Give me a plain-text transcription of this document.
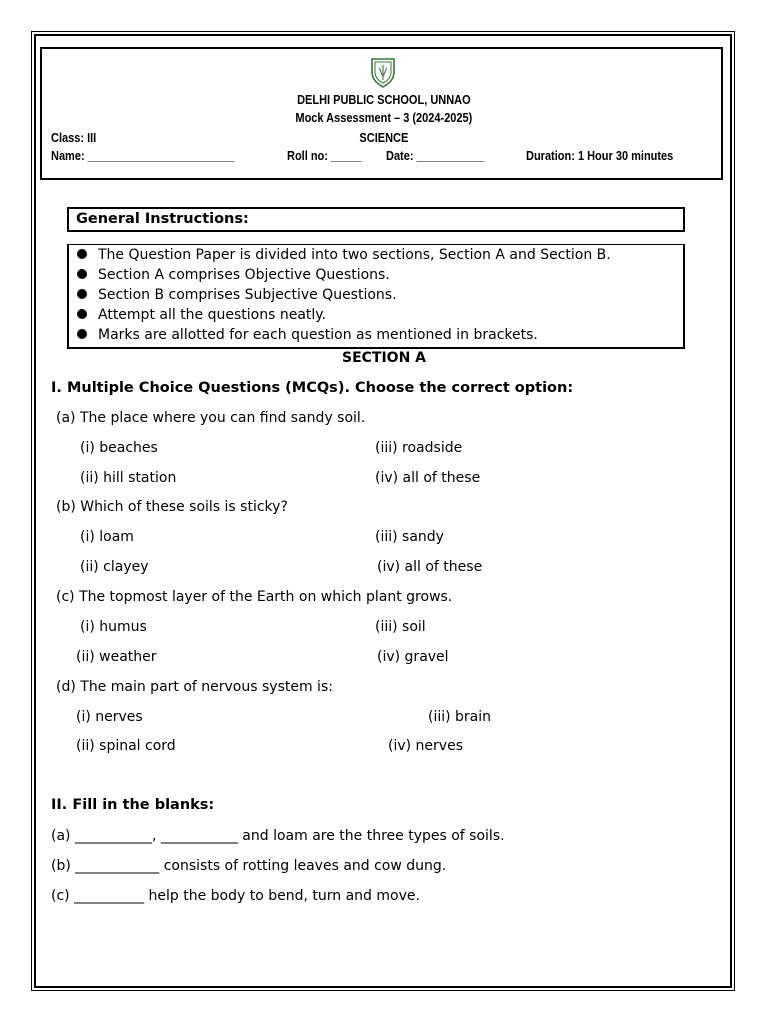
DELHI PUBLIC SCHOOL, UNNAO
Mock Assessment – 3 (2024-2025)
SCIENCE
Class: III
Name: ________________________	Roll no: _____ Date: ___________	Duration: 1 Hour 30 minutes
General Instructions:
The Question Paper is divided into two sections, Section A and Section B.
Section A comprises Objective Questions.
Section B comprises Subjective Questions.
Attempt all the questions neatly.
Marks are allotted for each question as mentioned in brackets.
SECTION A
I. Multiple Choice Questions (MCQs). Choose the correct option:
(a) The place where you can find sandy soil.
(i) beaches	(iii) roadside
(ii) hill station	(iv) all of these
(b) Which of these soils is sticky?
(i) loam	(iii) sandy
(ii) clayey	(iv) all of these
(c) The topmost layer of the Earth on which plant grows.
(i) humus	(iii) soil
(ii) weather	(iv) gravel
(d) The main part of nervous system is:
(i) nerves	(iii) brain
(ii) spinal cord	(iv) nerves
II. Fill in the blanks:
(a) ___________, ___________ and loam are the three types of soils.
(b) ____________ consists of rotting leaves and cow dung.
(c) __________ help the body to bend, turn and move.
